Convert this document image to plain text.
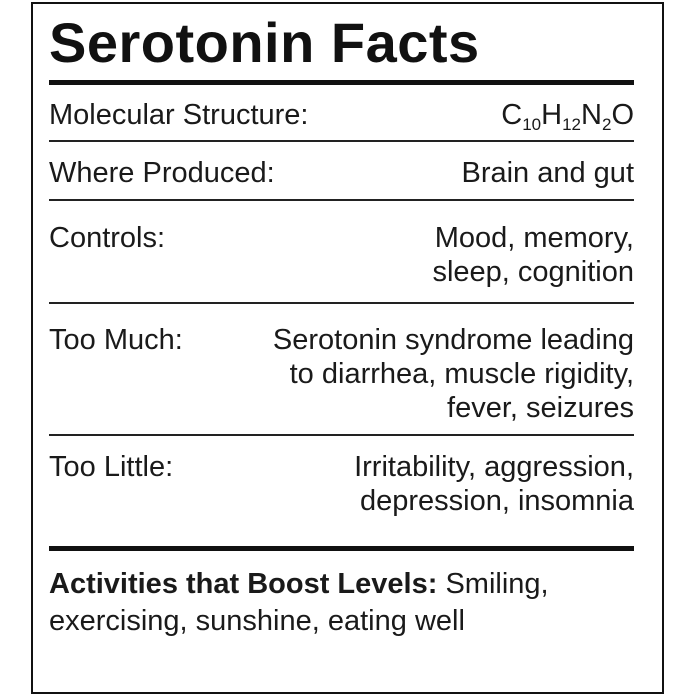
Serotonin Facts
Molecular Structure:	$C_{10}H_{12}N_2O$
Where Produced:	Brain and gut
Controls:	Mood, memory,
sleep, cognition
Too Much:	Serotonin syndrome leading
to diarrhea, muscle rigidity,
fever, seizures
Too Little:	Irritability, aggression,
depression, insomnia
Activities that Boost Levels: Smiling, exercising, sunshine, eating well
